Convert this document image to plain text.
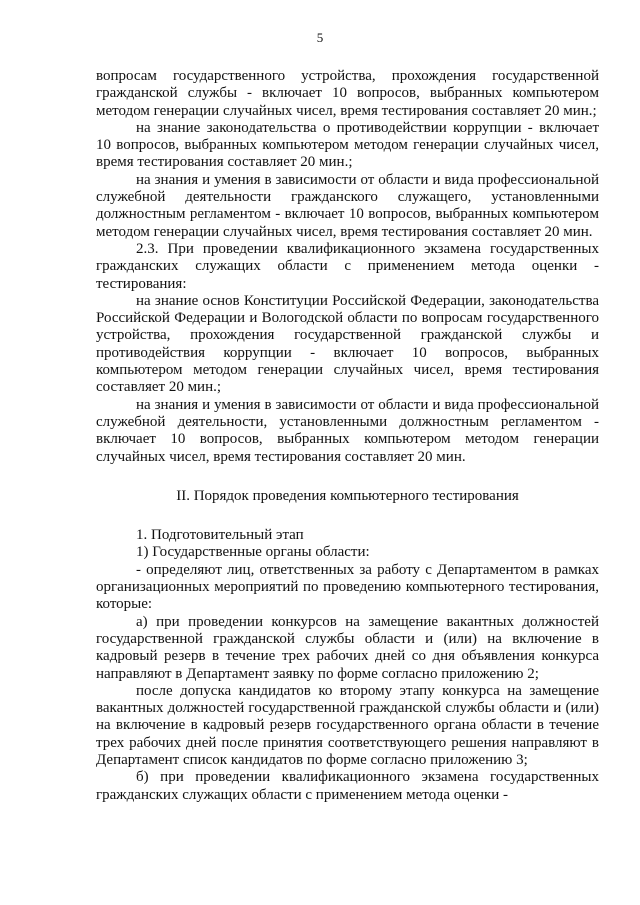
5

вопросам государственного устройства, прохождения государственной гражданской службы - включает 10 вопросов, выбранных компьютером методом генерации случайных чисел, время тестирования составляет 20 мин.;

на знание законодательства о противодействии коррупции - включает 10 вопросов, выбранных компьютером методом генерации случайных чисел, время тестирования составляет 20 мин.;

на знания и умения в зависимости от области и вида профессиональной служебной деятельности гражданского служащего, установленными должностным регламентом - включает 10 вопросов, выбранных компьютером методом генерации случайных чисел, время тестирования составляет 20 мин.

2.3. При проведении квалификационного экзамена государственных гражданских служащих области с применением метода оценки - тестирования:

на знание основ Конституции Российской Федерации, законодательства Российской Федерации и Вологодской области по вопросам государственного устройства, прохождения государственной гражданской службы и противодействия коррупции - включает 10 вопросов, выбранных компьютером методом генерации случайных чисел, время тестирования составляет 20 мин.;

на знания и умения в зависимости от области и вида профессиональной служебной деятельности, установленными должностным регламентом - включает 10 вопросов, выбранных компьютером методом генерации случайных чисел, время тестирования составляет 20 мин.

II. Порядок проведения компьютерного тестирования

1. Подготовительный этап

1) Государственные органы области:

- определяют лиц, ответственных за работу с Департаментом в рамках организационных мероприятий по проведению компьютерного тестирования, которые:

а) при проведении конкурсов на замещение вакантных должностей государственной гражданской службы области и (или) на включение в кадровый резерв в течение трех рабочих дней со дня объявления конкурса направляют в Департамент заявку по форме согласно приложению 2;

после допуска кандидатов ко второму этапу конкурса на замещение вакантных должностей государственной гражданской службы области и (или) на включение в кадровый резерв государственного органа области в течение трех рабочих дней после принятия соответствующего решения направляют в Департамент список кандидатов по форме согласно приложению 3;

б) при проведении квалификационного экзамена государственных гражданских служащих области с применением метода оценки -
